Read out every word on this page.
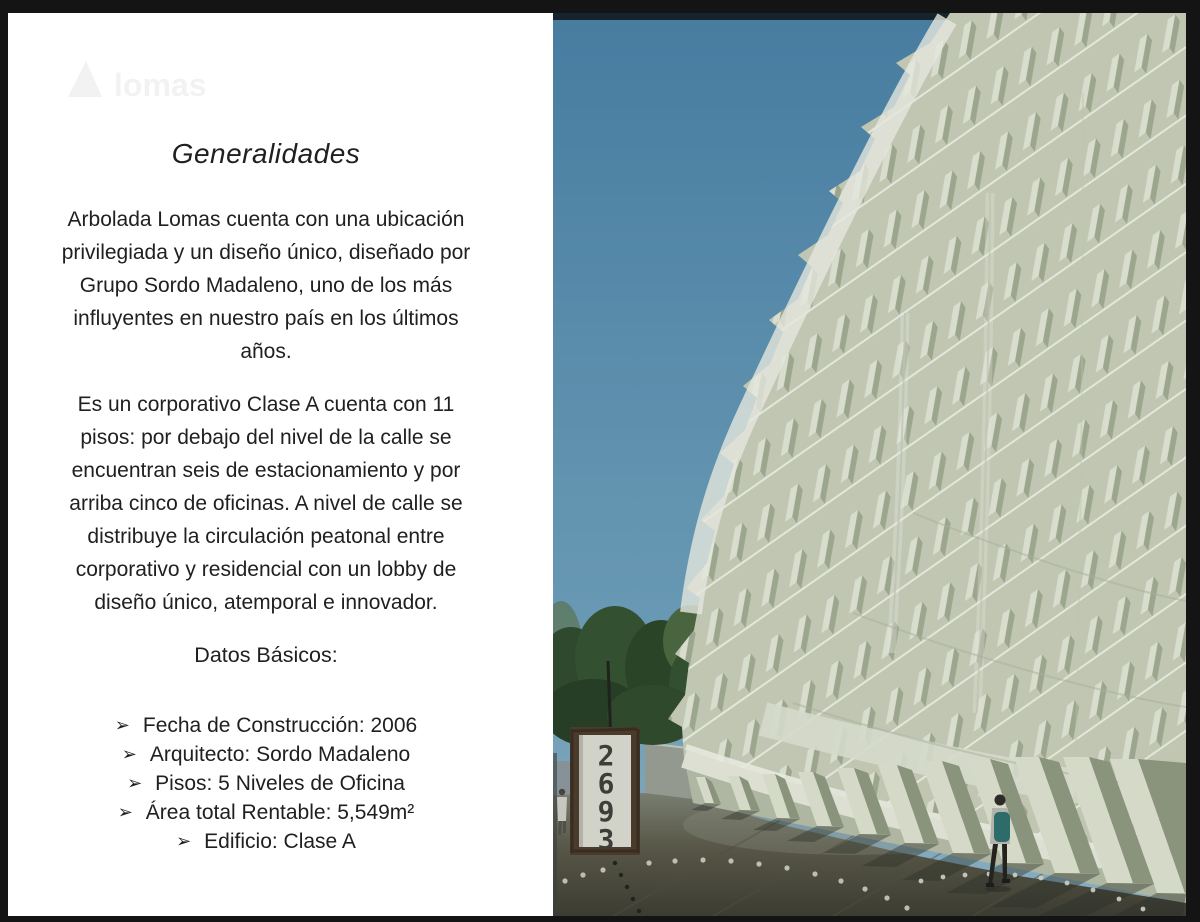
lomas
Generalidades
Arbolada Lomas cuenta con una ubicación
privilegiada y un diseño único, diseñado por
Grupo Sordo Madaleno, uno de los más
influyentes en nuestro país en los últimos
años.
Es un corporativo Clase A cuenta con 11
pisos: por debajo del nivel de la calle se
encuentran seis de estacionamiento y por
arriba cinco de oficinas. A nivel de calle se
distribuye la circulación peatonal entre
corporativo y residencial con un lobby de
diseño único, atemporal e innovador.
Datos Básicos:
➢ Fecha de Construcción: 2006
➢ Arquitecto: Sordo Madaleno
➢ Pisos: 5 Niveles de Oficina
➢ Área total Rentable: 5,549m²
➢ Edificio: Clase A
2
6
9
3
